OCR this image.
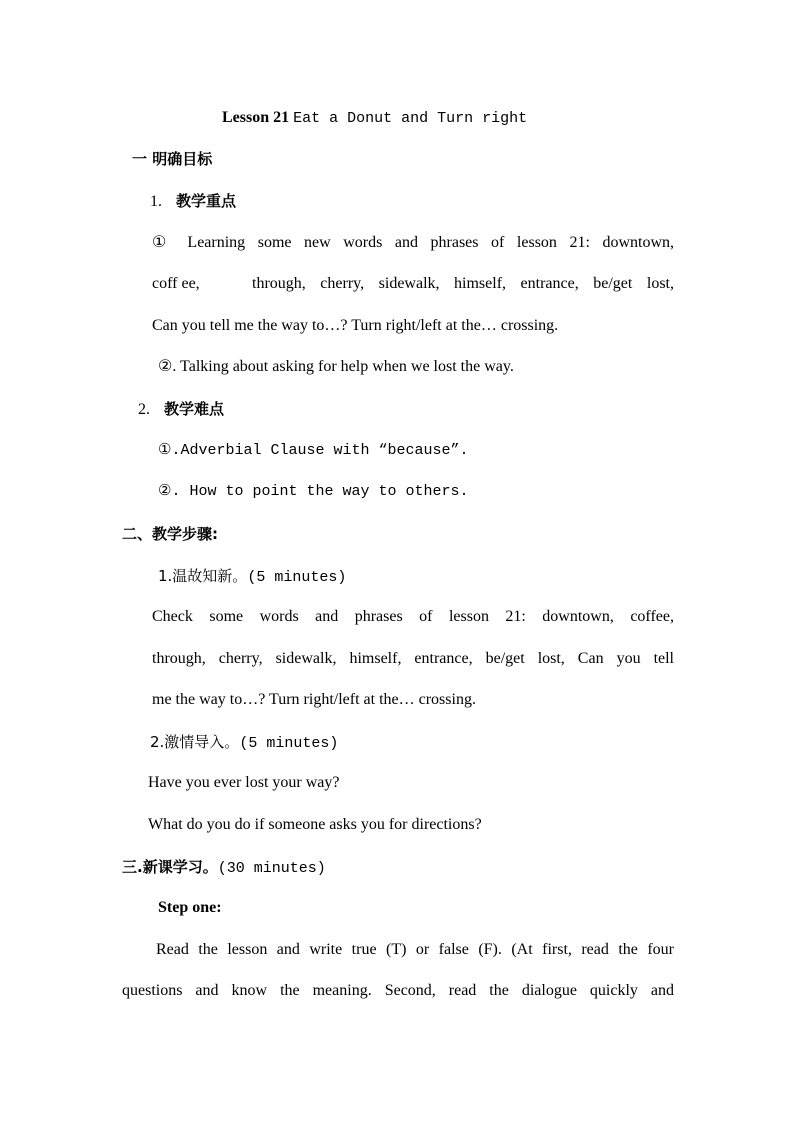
Lesson 21 Eat a Donut and Turn right
一 明确目标
1. 教学重点
① Learning some new words and phrases of lesson 21: downtown,
coff ee,	through, cherry, sidewalk, himself, entrance, be/get lost,
Can you tell me the way to…? Turn right/left at the… crossing.
②. Talking about asking for help when we lost the way.
2. 教学难点
①.Adverbial Clause with “because”.
②. How to point the way to others.
二、教学步骤:
1.温故知新。(5 minutes)
Check some words and phrases of lesson 21: downtown, coffee,
through, cherry, sidewalk, himself, entrance, be/get lost, Can you tell
me the way to…? Turn right/left at the… crossing.
2.激情导入。(5 minutes)
Have you ever lost your way?
What do you do if someone asks you for directions?
三.新课学习。(30 minutes)
Step one:
Read the lesson and write true (T) or false (F). (At first, read the four
questions and know the meaning. Second, read the dialogue quickly and
